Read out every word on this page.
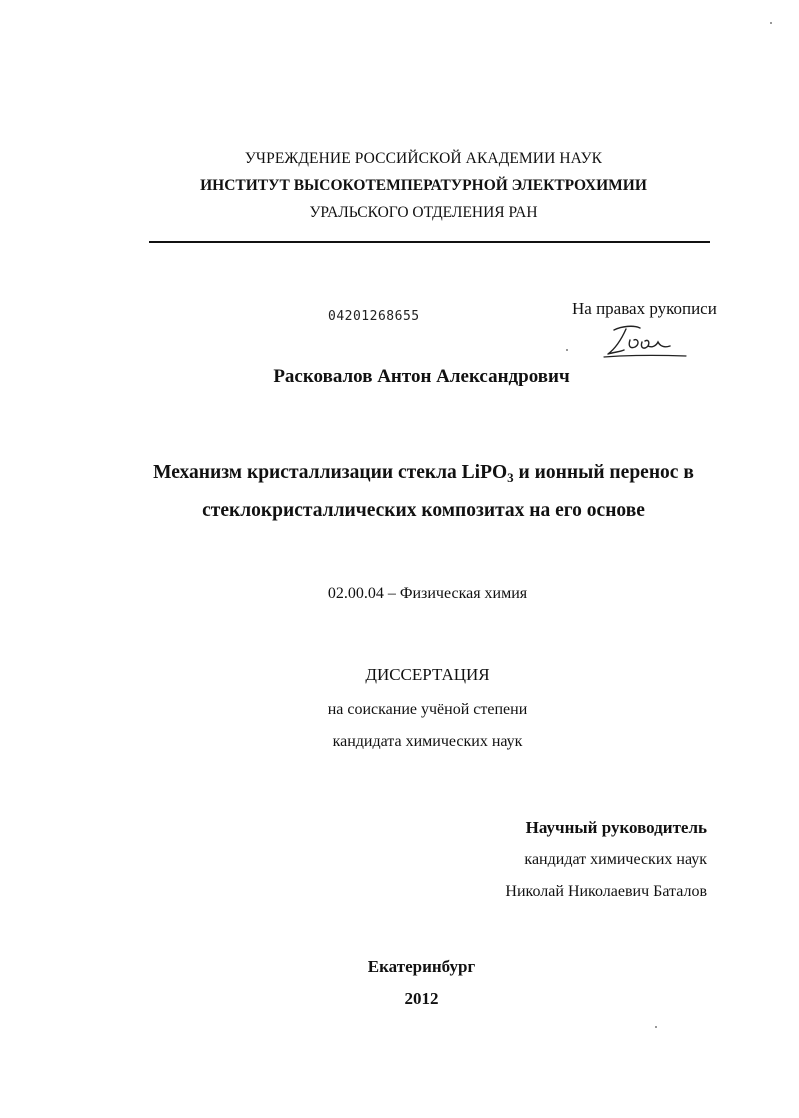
УЧРЕЖДЕНИЕ РОССИЙСКОЙ АКАДЕМИИ НАУК
ИНСТИТУТ ВЫСОКОТЕМПЕРАТУРНОЙ ЭЛЕКТРОХИМИИ
УРАЛЬСКОГО ОТДЕЛЕНИЯ РАН
04201268655	На правах рукописи
Расковалов Антон Александрович
Механизм кристаллизации стекла LiPO$_3$ и ионный перенос в
стеклокристаллических композитах на его основе
02.00.04 – Физическая химия
ДИССЕРТАЦИЯ
на соискание учёной степени
кандидата химических наук
Научный руководитель
кандидат химических наук
Николай Николаевич Баталов
Екатеринбург
2012
